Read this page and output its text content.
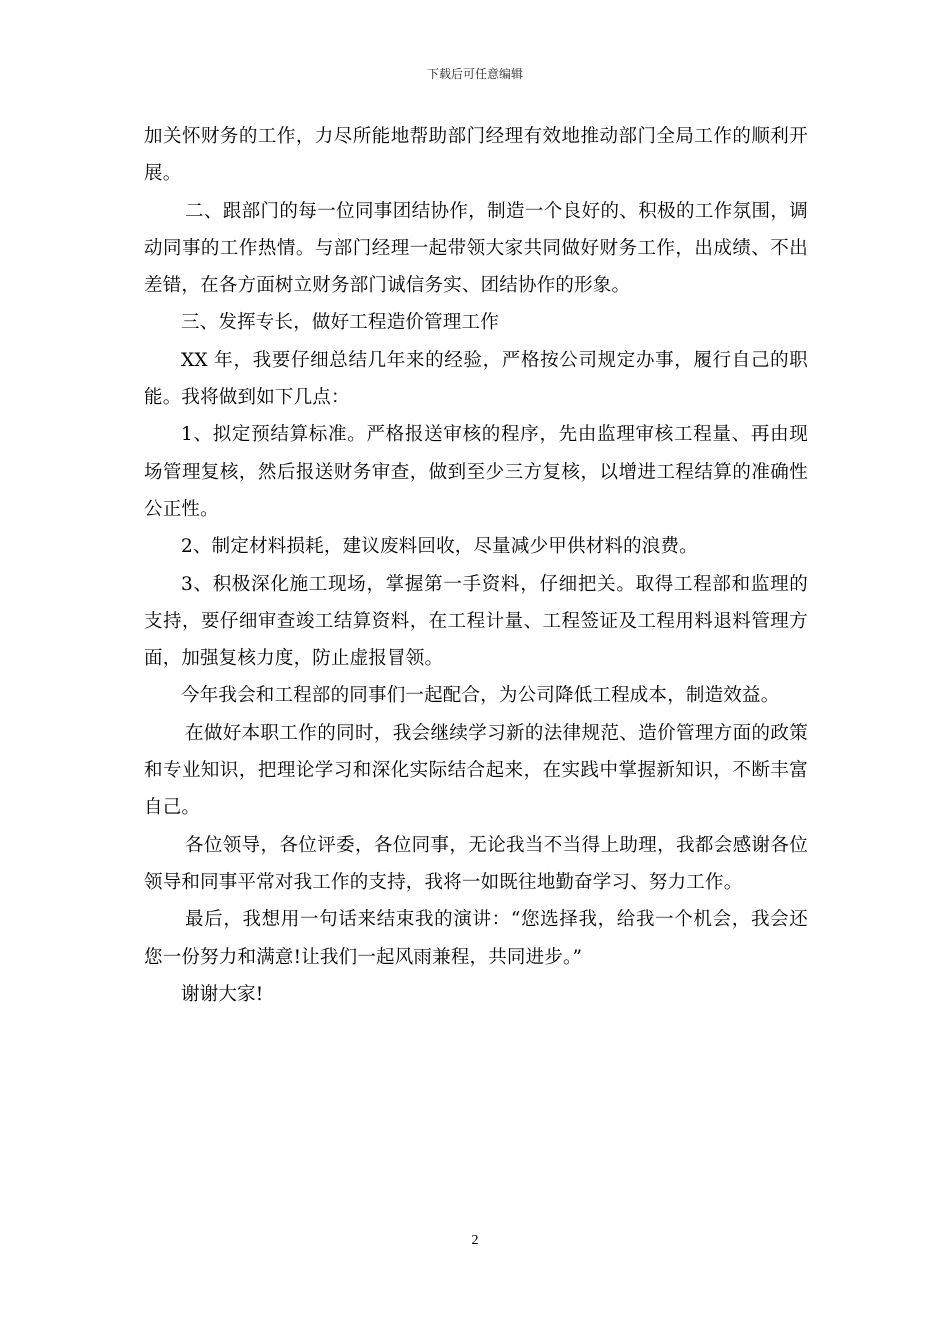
下载后可任意编辑

加关怀财务的工作，力尽所能地帮助部门经理有效地推动部门全局工作的顺利开展。

二、跟部门的每一位同事团结协作，制造一个良好的、积极的工作氛围，调动同事的工作热情。与部门经理一起带领大家共同做好财务工作，出成绩、不出差错，在各方面树立财务部门诚信务实、团结协作的形象。

三、发挥专长，做好工程造价管理工作

XX 年，我要仔细总结几年来的经验，严格按公司规定办事，履行自己的职能。我将做到如下几点：

1、拟定预结算标准。严格报送审核的程序，先由监理审核工程量、再由现场管理复核，然后报送财务审查，做到至少三方复核，以增进工程结算的准确性公正性。

2、制定材料损耗，建议废料回收，尽量减少甲供材料的浪费。

3、积极深化施工现场，掌握第一手资料，仔细把关。取得工程部和监理的支持，要仔细审查竣工结算资料，在工程计量、工程签证及工程用料退料管理方面，加强复核力度，防止虚报冒领。

今年我会和工程部的同事们一起配合，为公司降低工程成本，制造效益。

在做好本职工作的同时，我会继续学习新的法律规范、造价管理方面的政策和专业知识，把理论学习和深化实际结合起来，在实践中掌握新知识，不断丰富自己。

各位领导，各位评委，各位同事，无论我当不当得上助理，我都会感谢各位领导和同事平常对我工作的支持，我将一如既往地勤奋学习、努力工作。

最后，我想用一句话来结束我的演讲：“您选择我，给我一个机会，我会还您一份努力和满意!让我们一起风雨兼程，共同进步。”

谢谢大家!

2
